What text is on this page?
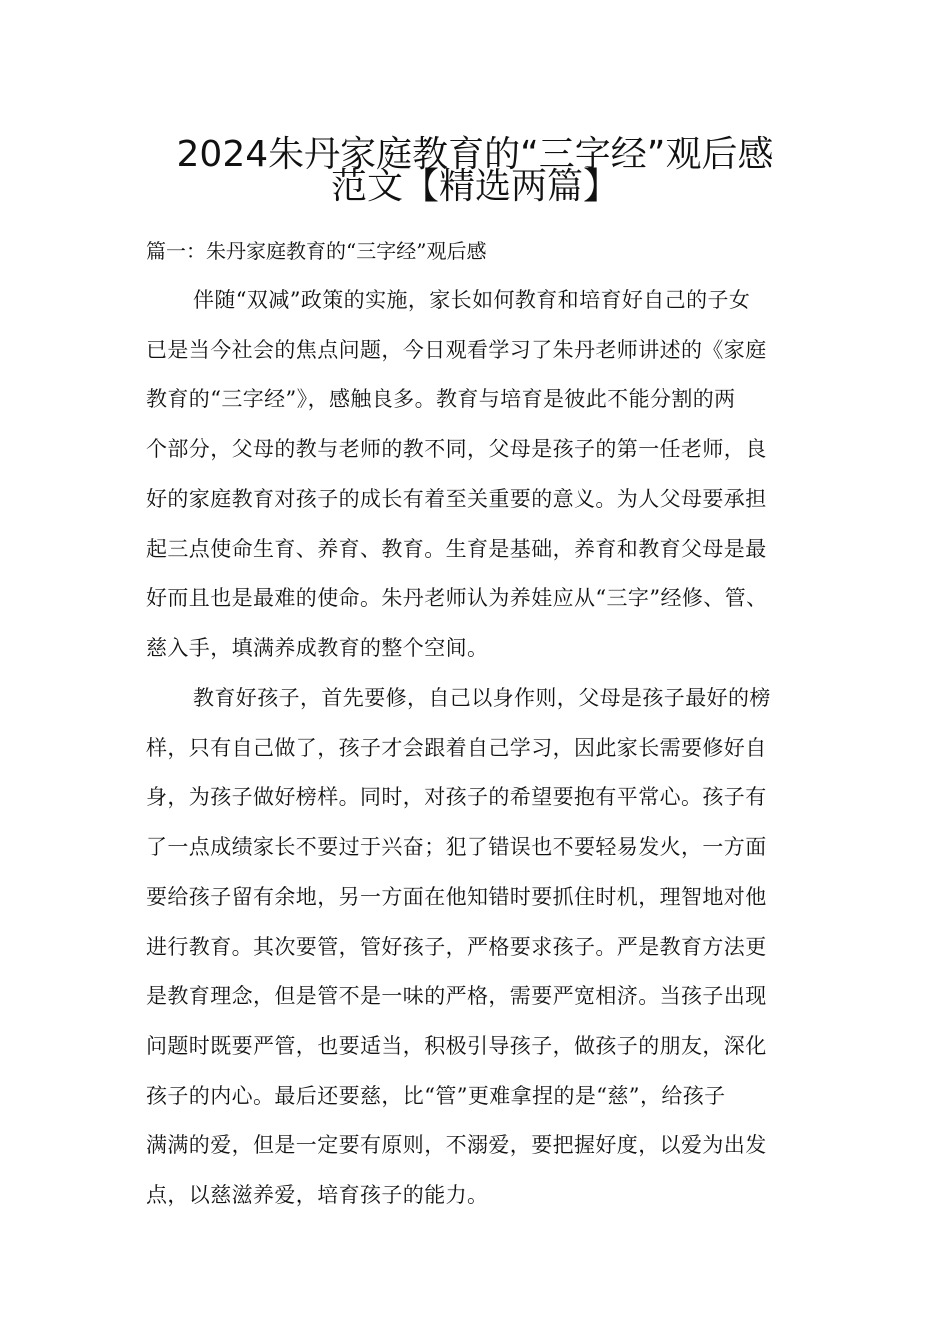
2024朱丹家庭教育的“三字经”观后感
范文【精选两篇】

篇一：朱丹家庭教育的“三字经”观后感

伴随“双减”政策的实施，家长如何教育和培育好自己的子女
已是当今社会的焦点问题，今日观看学习了朱丹老师讲述的《家庭
教育的“三字经”》，感触良多。教育与培育是彼此不能分割的两
个部分，父母的教与老师的教不同，父母是孩子的第一任老师，良
好的家庭教育对孩子的成长有着至关重要的意义。为人父母要承担
起三点使命生育、养育、教育。生育是基础，养育和教育父母是最
好而且也是最难的使命。朱丹老师认为养娃应从“三字”经修、管、
慈入手，填满养成教育的整个空间。
教育好孩子，首先要修，自己以身作则，父母是孩子最好的榜
样，只有自己做了，孩子才会跟着自己学习，因此家长需要修好自
身，为孩子做好榜样。同时，对孩子的希望要抱有平常心。孩子有
了一点成绩家长不要过于兴奋；犯了错误也不要轻易发火，一方面
要给孩子留有余地，另一方面在他知错时要抓住时机，理智地对他
进行教育。其次要管，管好孩子，严格要求孩子。严是教育方法更
是教育理念，但是管不是一味的严格，需要严宽相济。当孩子出现
问题时既要严管，也要适当，积极引导孩子，做孩子的朋友，深化
孩子的内心。最后还要慈，比“管”更难拿捏的是“慈”，给孩子
满满的爱，但是一定要有原则，不溺爱，要把握好度，以爱为出发
点，以慈滋养爱，培育孩子的能力。
